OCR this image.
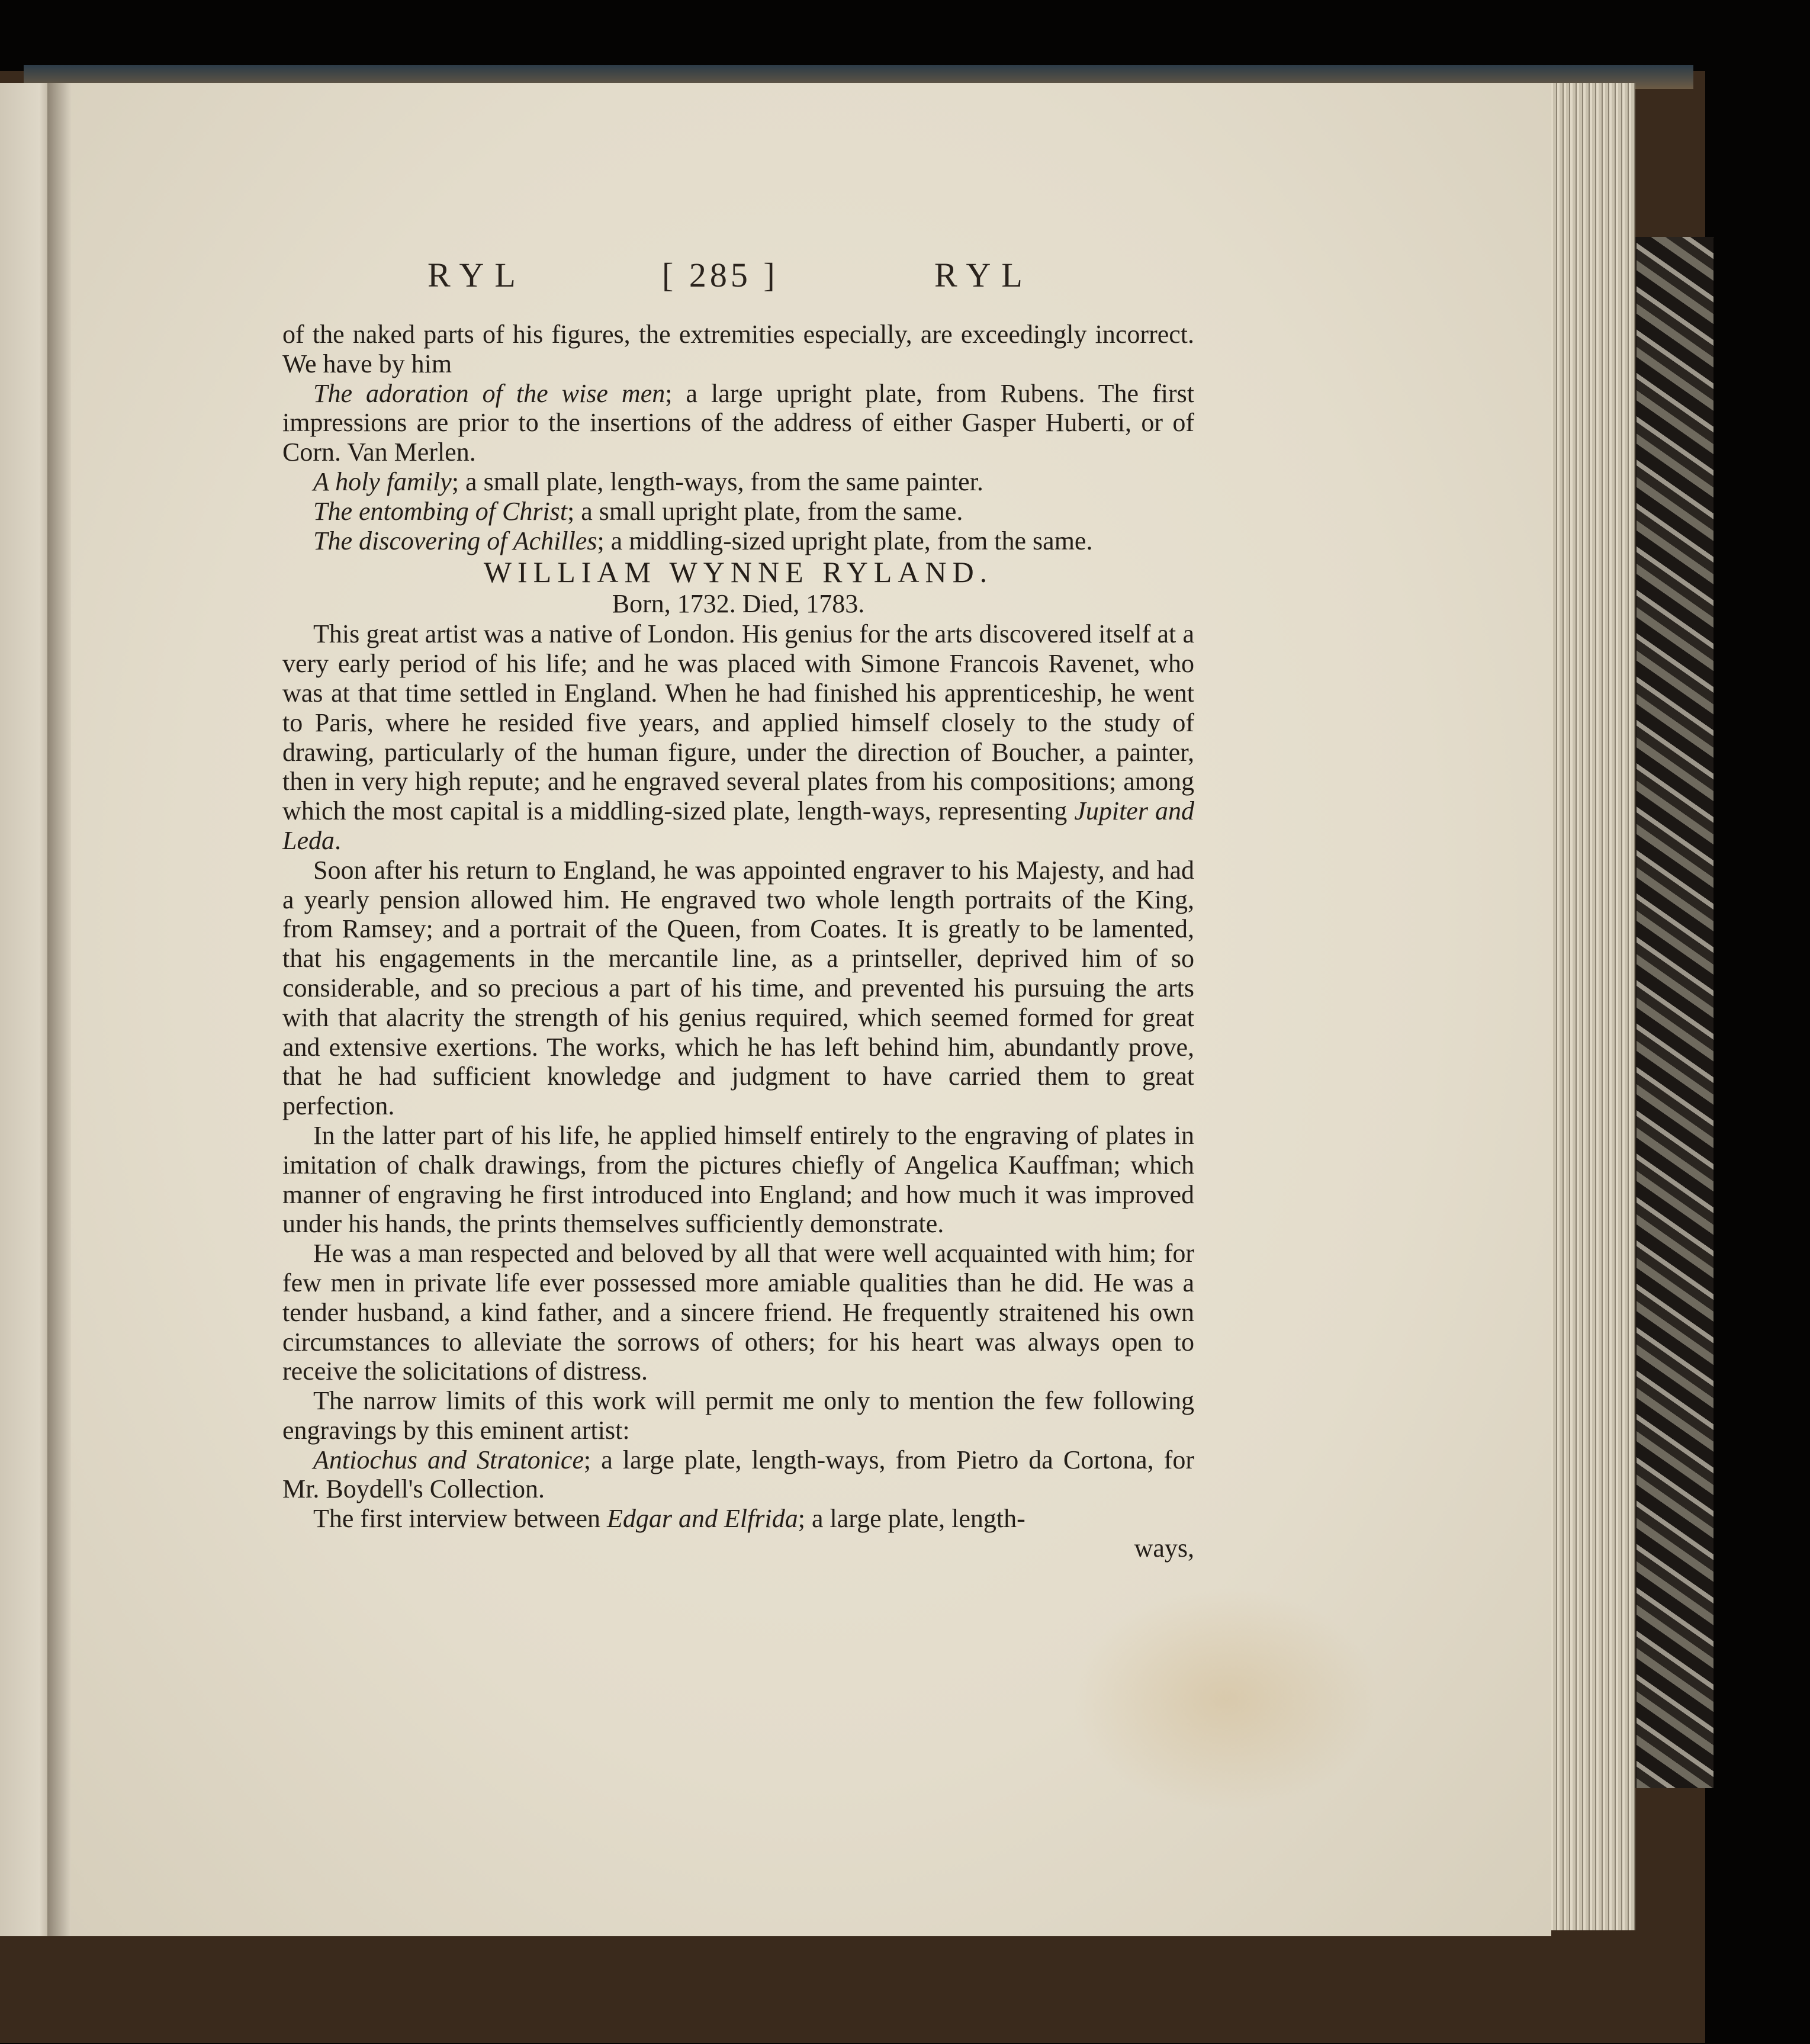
RYL	[ 285 ]	RYL

of the naked parts of his figures, the extremities especially, are exceedingly incorrect. We have by him

The adoration of the wise men; a large upright plate, from Rubens. The first impressions are prior to the insertions of the address of either Gasper Huberti, or of Corn. Van Merlen.

A holy family; a small plate, length-ways, from the same painter.

The entombing of Christ; a small upright plate, from the same.

The discovering of Achilles; a middling-sized upright plate, from the same.

WILLIAM WYNNE RYLAND.

Born, 1732. Died, 1783.

This great artist was a native of London. His genius for the arts discovered itself at a very early period of his life; and he was placed with Simone Francois Ravenet, who was at that time settled in England. When he had finished his apprenticeship, he went to Paris, where he resided five years, and applied himself closely to the study of drawing, particularly of the human figure, under the direction of Boucher, a painter, then in very high repute; and he engraved several plates from his compositions; among which the most capital is a middling-sized plate, length-ways, representing Jupiter and Leda.

Soon after his return to England, he was appointed engraver to his Majesty, and had a yearly pension allowed him. He engraved two whole length portraits of the King, from Ramsey; and a portrait of the Queen, from Coates. It is greatly to be lamented, that his engagements in the mercantile line, as a printseller, deprived him of so considerable, and so precious a part of his time, and prevented his pursuing the arts with that alacrity the strength of his genius required, which seemed formed for great and extensive exertions. The works, which he has left behind him, abundantly prove, that he had sufficient knowledge and judgment to have carried them to great perfection.

In the latter part of his life, he applied himself entirely to the engraving of plates in imitation of chalk drawings, from the pictures chiefly of Angelica Kauffman; which manner of engraving he first introduced into England; and how much it was improved under his hands, the prints themselves sufficiently demonstrate.

He was a man respected and beloved by all that were well acquainted with him; for few men in private life ever possessed more amiable qualities than he did. He was a tender husband, a kind father, and a sincere friend. He frequently straitened his own circumstances to alleviate the sorrows of others; for his heart was always open to receive the solicitations of distress.

The narrow limits of this work will permit me only to mention the few following engravings by this eminent artist:

Antiochus and Stratonice; a large plate, length-ways, from Pietro da Cortona, for Mr. Boydell's Collection.

The first interview between Edgar and Elfrida; a large plate, length-

ways,
